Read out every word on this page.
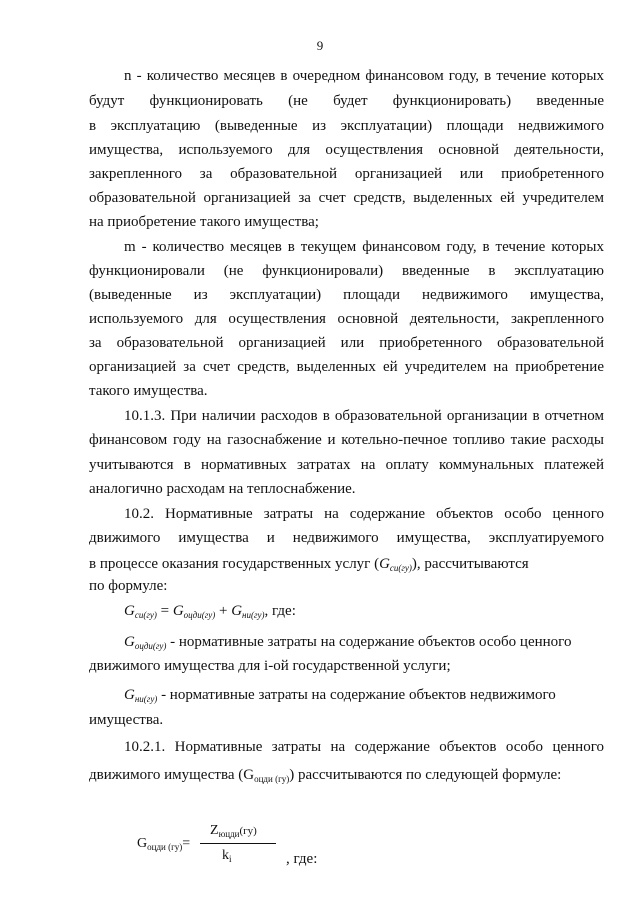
9
n - количество месяцев в очередном финансовом году, в течение которых
будут функционировать (не будет функционировать) введенные
в эксплуатацию (выведенные из эксплуатации) площади недвижимого
имущества, используемого для осуществления основной деятельности,
закрепленного за образовательной организацией или приобретенного
образовательной организацией за счет средств, выделенных ей учредителем
на приобретение такого имущества;
m - количество месяцев в текущем финансовом году, в течение которых
функционировали (не функционировали) введенные в эксплуатацию
(выведенные из эксплуатации) площади недвижимого имущества,
используемого для осуществления основной деятельности, закрепленного
за образовательной организацией или приобретенного образовательной
организацией за счет средств, выделенных ей учредителем на приобретение
такого имущества.
10.1.3. При наличии расходов в образовательной организации в отчетном
финансовом году на газоснабжение и котельно-печное топливо такие расходы
учитываются в нормативных затратах на оплату коммунальных платежей
аналогично расходам на теплоснабжение.
10.2. Нормативные затраты на содержание объектов особо ценного
движимого имущества и недвижимого имущества, эксплуатируемого
в процессе оказания государственных услуг $(G_{си(гу)})$, рассчитываются
по формуле:
$G_{си(гу)} = G_{оцди(гу)} + G_{ни(гу)}$, где:
$G_{оцди(гу)}$ - нормативные затраты на содержание объектов особо ценного
движимого имущества для i-ой государственной услуги;
$G_{ни(гу)}$ - нормативные затраты на содержание объектов недвижимого
имущества.
10.2.1. Нормативные затраты на содержание объектов особо ценного
движимого имущества $(G_{оцди (гу)})$ рассчитываются по следующей формуле:
$Z_{юцди}(гу)$
$G_{оцди (гу)}=$
$k_i$	, где:
